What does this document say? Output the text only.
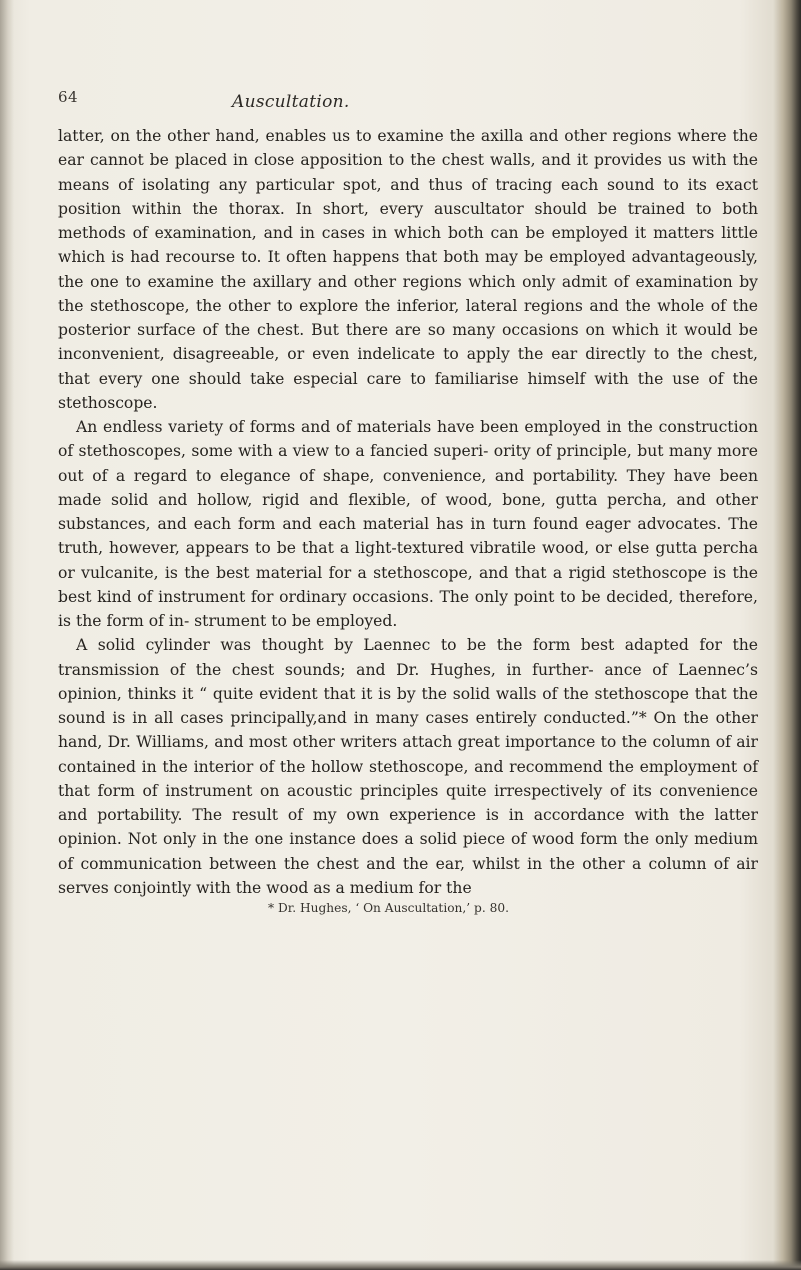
64	Auscultation.

latter, on the other hand, enables us to examine the axilla and other regions where the ear cannot be placed in close apposition to the chest walls, and it provides us with the means of isolating any particular spot, and thus of tracing each sound to its exact position within the thorax. In short, every auscultator should be trained to both methods of examination, and in cases in which both can be employed it matters little which is had recourse to. It often happens that both may be employed advantageously, the one to examine the axillary and other regions which only admit of examination by the stethoscope, the other to explore the inferior, lateral regions and the whole of the posterior surface of the chest. But there are so many occasions on which it would be inconvenient, disagreeable, or even indelicate to apply the ear directly to the chest, that every one should take especial care to familiarise himself with the use of the stethoscope.

An endless variety of forms and of materials have been employed in the construction of stethoscopes, some with a view to a fancied superi- ority of principle, but many more out of a regard to elegance of shape, convenience, and portability. They have been made solid and hollow, rigid and flexible, of wood, bone, gutta percha, and other substances, and each form and each material has in turn found eager advocates. The truth, however, appears to be that a light-textured vibratile wood, or else gutta percha or vulcanite, is the best material for a stethoscope, and that a rigid stethoscope is the best kind of instrument for ordinary occasions. The only point to be decided, therefore, is the form of in- strument to be employed.

A solid cylinder was thought by Laennec to be the form best adapted for the transmission of the chest sounds; and Dr. Hughes, in further- ance of Laennec’s opinion, thinks it “ quite evident that it is by the solid walls of the stethoscope that the sound is in all cases principally,and in many cases entirely conducted.”* On the other hand, Dr. Williams, and most other writers attach great importance to the column of air contained in the interior of the hollow stethoscope, and recommend the employment of that form of instrument on acoustic principles quite irrespectively of its convenience and portability. The result of my own experience is in accordance with the latter opinion. Not only in the one instance does a solid piece of wood form the only medium of communication between the chest and the ear, whilst in the other a column of air serves conjointly with the wood as a medium for the

* Dr. Hughes, ‘ On Auscultation,’ p. 80.
